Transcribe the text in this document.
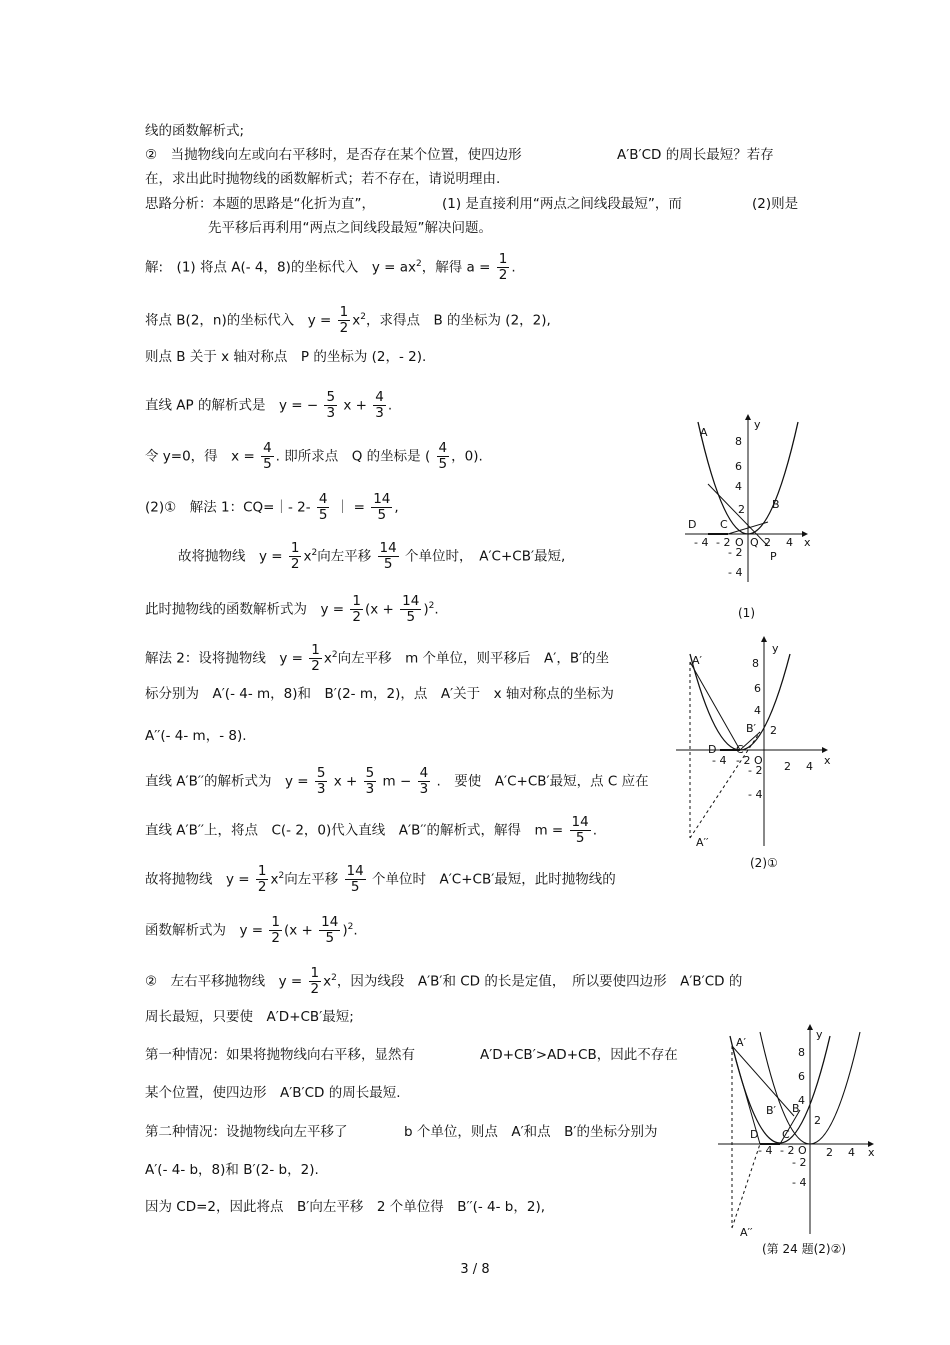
线的函数解析式;
②　当抛物线向左或向右平移时，是否存在某个位置，使四边形	A′B′CD 的周长最短？若存
在，求出此时抛物线的函数解析式；若不存在，请说明理由.
思路分析：本题的思路是“化折为直”，	(1) 是直接利用“两点之间线段最短”，而	(2)则是
先平移后再利用“两点之间线段最短”解决问题。
解:　(1) 将点 A(- 4，8)的坐标代入　$y = ax^2$，解得 $a = \frac{1}{2}$ .
将点 B(2，n)的坐标代入　$y = \frac{1}{2} x^2$，求得点　B 的坐标为 (2，2),
则点 B 关于 x 轴对称点　P 的坐标为 (2，- 2).
直线 AP 的解析式是　y = − $\frac{5}{3}$ $x + \frac{4}{3}$ .
令 y=0，得　$x = \frac{4}{5}$ . 即所求点　Q 的坐标是 ( $\frac{4}{5}$ ，0).
(2)①　解法 1：CQ=｜- $2- \frac{4}{5}$ ｜ = $\frac{14}{5}$ ,
故将抛物线　$y = \frac{1}{2} x^2$向左平移 $\frac{14}{5}$ 个单位时，　A′C+CB′最短,
此时抛物线的函数解析式为　$y = \frac{1}{2} (x + \frac{14}{5} )^2$.
解法 2：设将抛物线　$y = \frac{1}{2} x^2$向左平移　m 个单位，则平移后　A′，B′的坐
标分别为　A′(- 4- m，8)和　B′(2- m，2)，点　A′关于　x 轴对称点的坐标为
A′′(- 4- m，- 8).
直线 A′B′′的解析式为　$y = \frac{5}{3}$ $x + \frac{5}{3}$ $m - \frac{4}{3}$ .　要使　A′C+CB′最短，点 C 应在
直线 A′B′′上，将点　C(- 2，0)代入直线　A′B′′的解析式，解得　$m = \frac{14}{5}$ .
故将抛物线　$y = \frac{1}{2} x^2$向左平移 $\frac{14}{5}$ 个单位时　A′C+CB′最短，此时抛物线的
函数解析式为　$y = \frac{1}{2} (x + \frac{14}{5} )^2$.
②　左右平移抛物线　$y = \frac{1}{2} x^2$，因为线段　A′B′和 CD 的长是定值，　所以要使四边形　A′B′CD 的
周长最短，只要使　A′D+CB′最短;
第一种情况：如果将抛物线向右平移，显然有	A′D+CB′>AD+CB，因此不存在
某个位置，使四边形　A′B′CD 的周长最短.
第二种情况：设抛物线向左平移了	b 个单位，则点　A′和点　B′的坐标分别为
A′(- 4- b，8)和 B′(2- b，2).
因为 CD=2，因此将点　B′向左平移　2 个单位得　B′′(- 4- b，2),
A
B
C
D
O Q
P
x
y
8
6
4
2
- 2
- 4
- 4 - 2	2 4
(1)
A′
B′
C
D
O
A′′
x
y
8
6
4
2
- 2
- 4
- 4 - 2	2 4
(2)①
A′
B′ B
C
D
O
A′′
x
y
8
6
4
2
- 2
- 4
- 4 - 2	2 4
(第 24 题(2)②)
3 / 8
